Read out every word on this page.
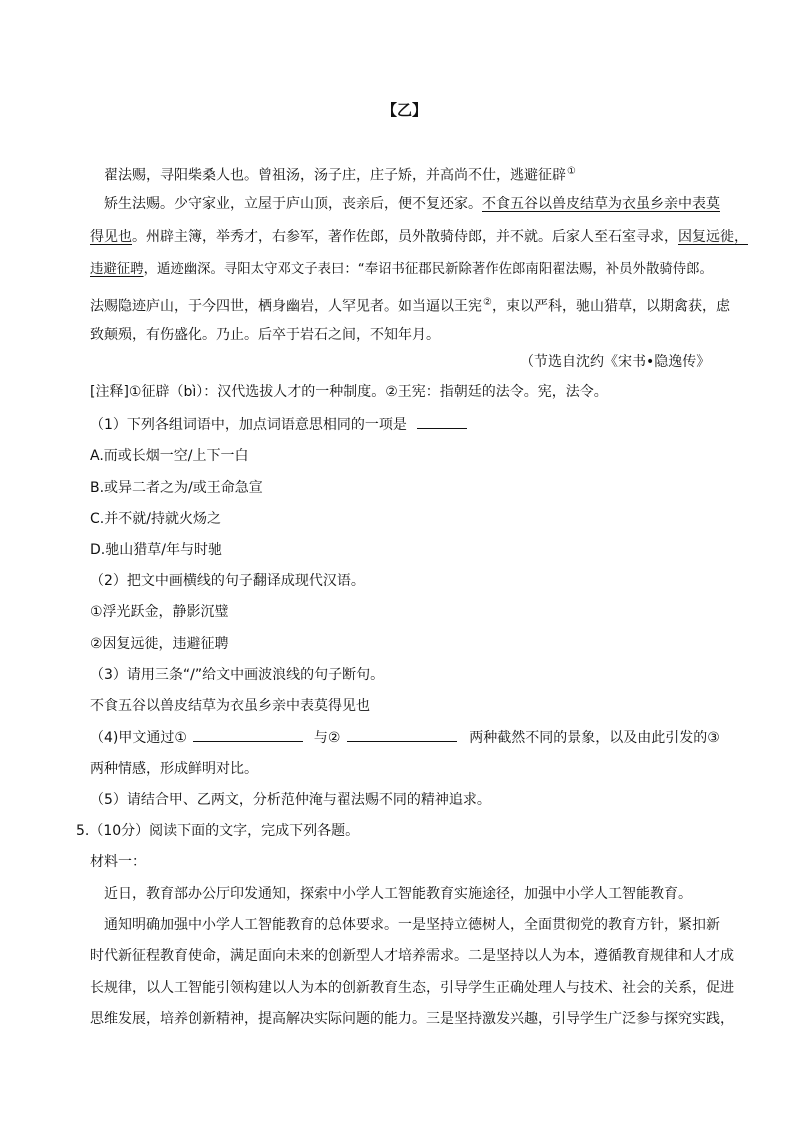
【乙】
翟法赐，寻阳柴桑人也。曾祖汤，汤子庄，庄子矫，并高尚不仕，逃避征辟①
矫生法赐。少守家业，立屋于庐山顶，丧亲后，便不复还家。不食五谷以兽皮结草为衣虽乡亲中表莫
得见也。州辟主簿，举秀才，右参军，著作佐郎，员外散骑侍郎，并不就。后家人至石室寻求，因复远徙，
违避征聘，遁迹幽深。寻阳太守邓文子表曰：“奉诏书征郡民新除著作佐郎南阳翟法赐，补员外散骑侍郎。
法赐隐迹庐山，于今四世，栖身幽岩，人罕见者。如当逼以王宪②，束以严科，驰山猎草，以期禽获，虑
致颠殒，有伤盛化。乃止。后卒于岩石之间，不知年月。
（节选自沈约《宋书•隐逸传》
[注释]①征辟（bì）：汉代选拔人才的一种制度。②王宪：指朝廷的法令。宪，法令。
（1）下列各组词语中，加点词语意思相同的一项是
A.而或长烟一空/上下一白
B.或异二者之为/或王命急宣
C.并不就/持就火炀之
D.驰山猎草/年与时驰
（2）把文中画横线的句子翻译成现代汉语。
①浮光跃金，静影沉璧
②因复远徙，违避征聘
（3）请用三条“/”给文中画波浪线的句子断句。
不食五谷以兽皮结草为衣虽乡亲中表莫得见也
（4)甲文通过①	与②	两种截然不同的景象，以及由此引发的③
两种情感，形成鲜明对比。
（5）请结合甲、乙两文，分析范仲淹与翟法赐不同的精神追求。
5.（10分）阅读下面的文字，完成下列各题。
材料一：
近日，教育部办公厅印发通知，探索中小学人工智能教育实施途径，加强中小学人工智能教育。
通知明确加强中小学人工智能教育的总体要求。一是坚持立德树人，全面贯彻党的教育方针，紧扣新
时代新征程教育使命，满足面向未来的创新型人才培养需求。二是坚持以人为本，遵循教育规律和人才成
长规律，以人工智能引领构建以人为本的创新教育生态，引导学生正确处理人与技术、社会的关系，促进
思维发展，培养创新精神，提高解决实际问题的能力。三是坚持激发兴趣，引导学生广泛参与探究实践，
